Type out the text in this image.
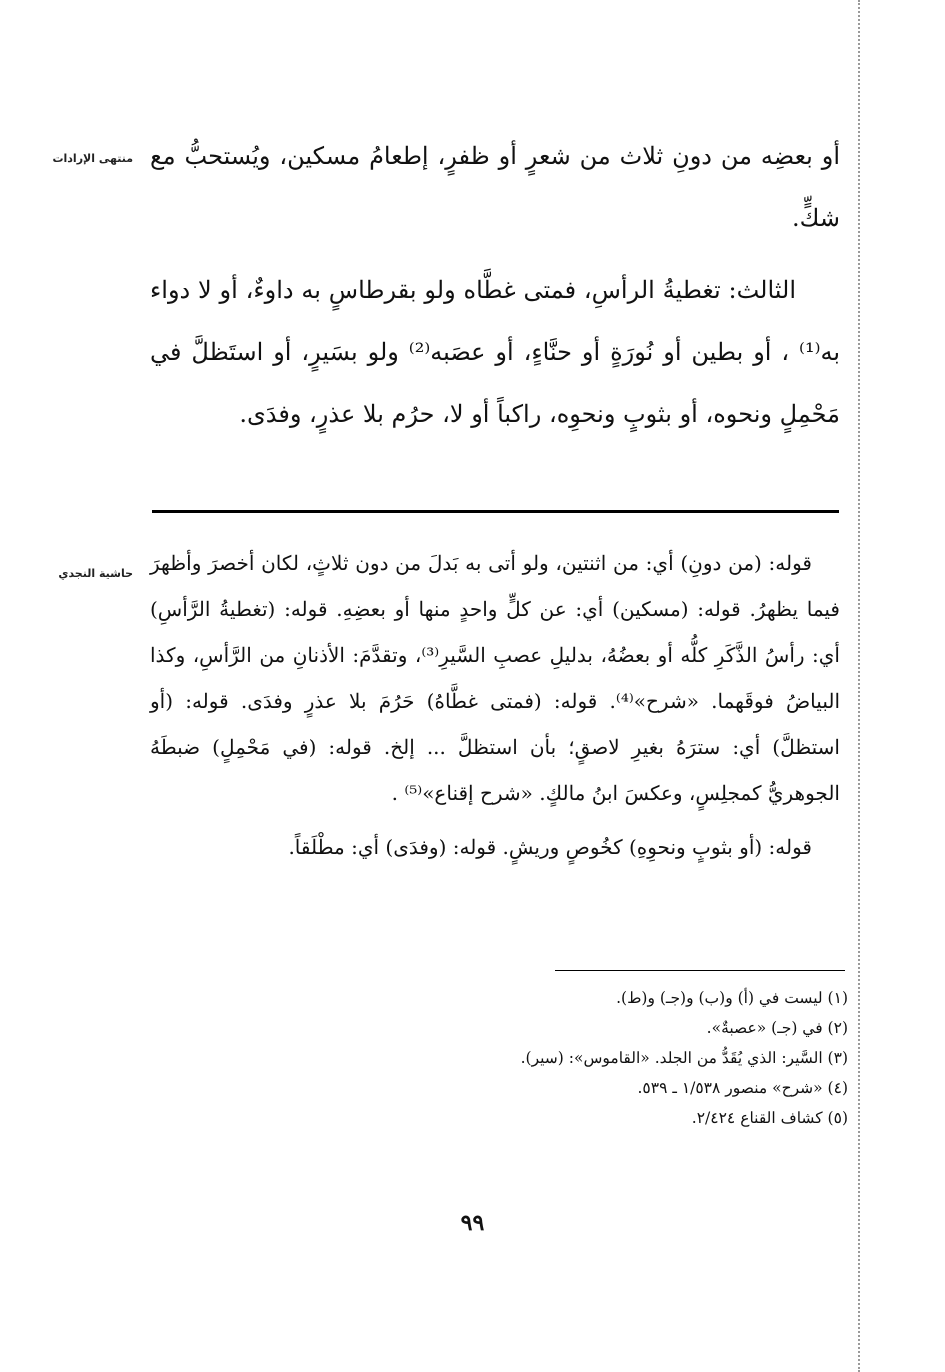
منتهى الإرادات أو بعضِه من دونِ ثلاث من شعرٍ أو ظفرٍ، إطعامُ مسكين، ويُستحبُّ مع شكٍّ.

الثالث: تغطيةُ الرأسِ، فمتى غطَّاه ولو بقرطاسٍ به داوءٌ، أو لا دواء به⁽¹⁾ ، أو بطين أو نُورَةٍ أو حنَّاءٍ، أو عصَبه⁽²⁾ ولو بسَيرٍ، أو استَظلَّ في مَحْمِلٍ ونحوه، أو بثوبٍ ونحوِه، راكباً أو لا، حرُم بلا عذرٍ، وفدَى.

حاشية النجدي قوله: (من دونِ) أي: من اثنتين، ولو أتى به بَدلَ من دون ثلاثٍ، لكان أخصرَ وأظهرَ فيما يظهرُ. قوله: (مسكين) أي: عن كلٍّ واحدٍ منها أو بعضِهِ. قوله: (تغطيةُ الرَّأسِ) أي: رأسُ الذَّكَرِ كلُّه أو بعضُهُ، بدليلِ عصبِ السَّيرِ⁽³⁾، وتقدَّمَ: الأذنانِ من الرَّأسِ، وكذا البياضُ فوقَهما. «شرح»⁽⁴⁾. قوله: (فمتى غطَّاهُ) حَرُمَ بلا عذرٍ وفدَى. قوله: (أو استظلَّ) أي: سترَهُ بغيرِ لاصقٍ؛ بأن استظلَّ ... إلخ. قوله: (في مَحْمِلٍ) ضبطَهُ الجوهريُّ كمجلِسٍ، وعكسَ ابنُ مالكٍ. «شرح إقناع»⁽⁵⁾ .

قوله: (أو بثوبٍ ونحوِهِ) كخُوصٍ وريشٍ. قوله: (وفدَى) أي: مطْلَقاً.

(١) ليست في (أ) و(ب) و(جـ) و(ط).
(٢) في (جـ) «عصبةٌ».
(٣) السَّير: الذي يُقَدُّ من الجلد. «القاموس»: (سير).
(٤) «شرح» منصور ١/٥٣٨ ـ ٥٣٩.
(٥) كشاف القناع ٢/٤٢٤.
٩٩
